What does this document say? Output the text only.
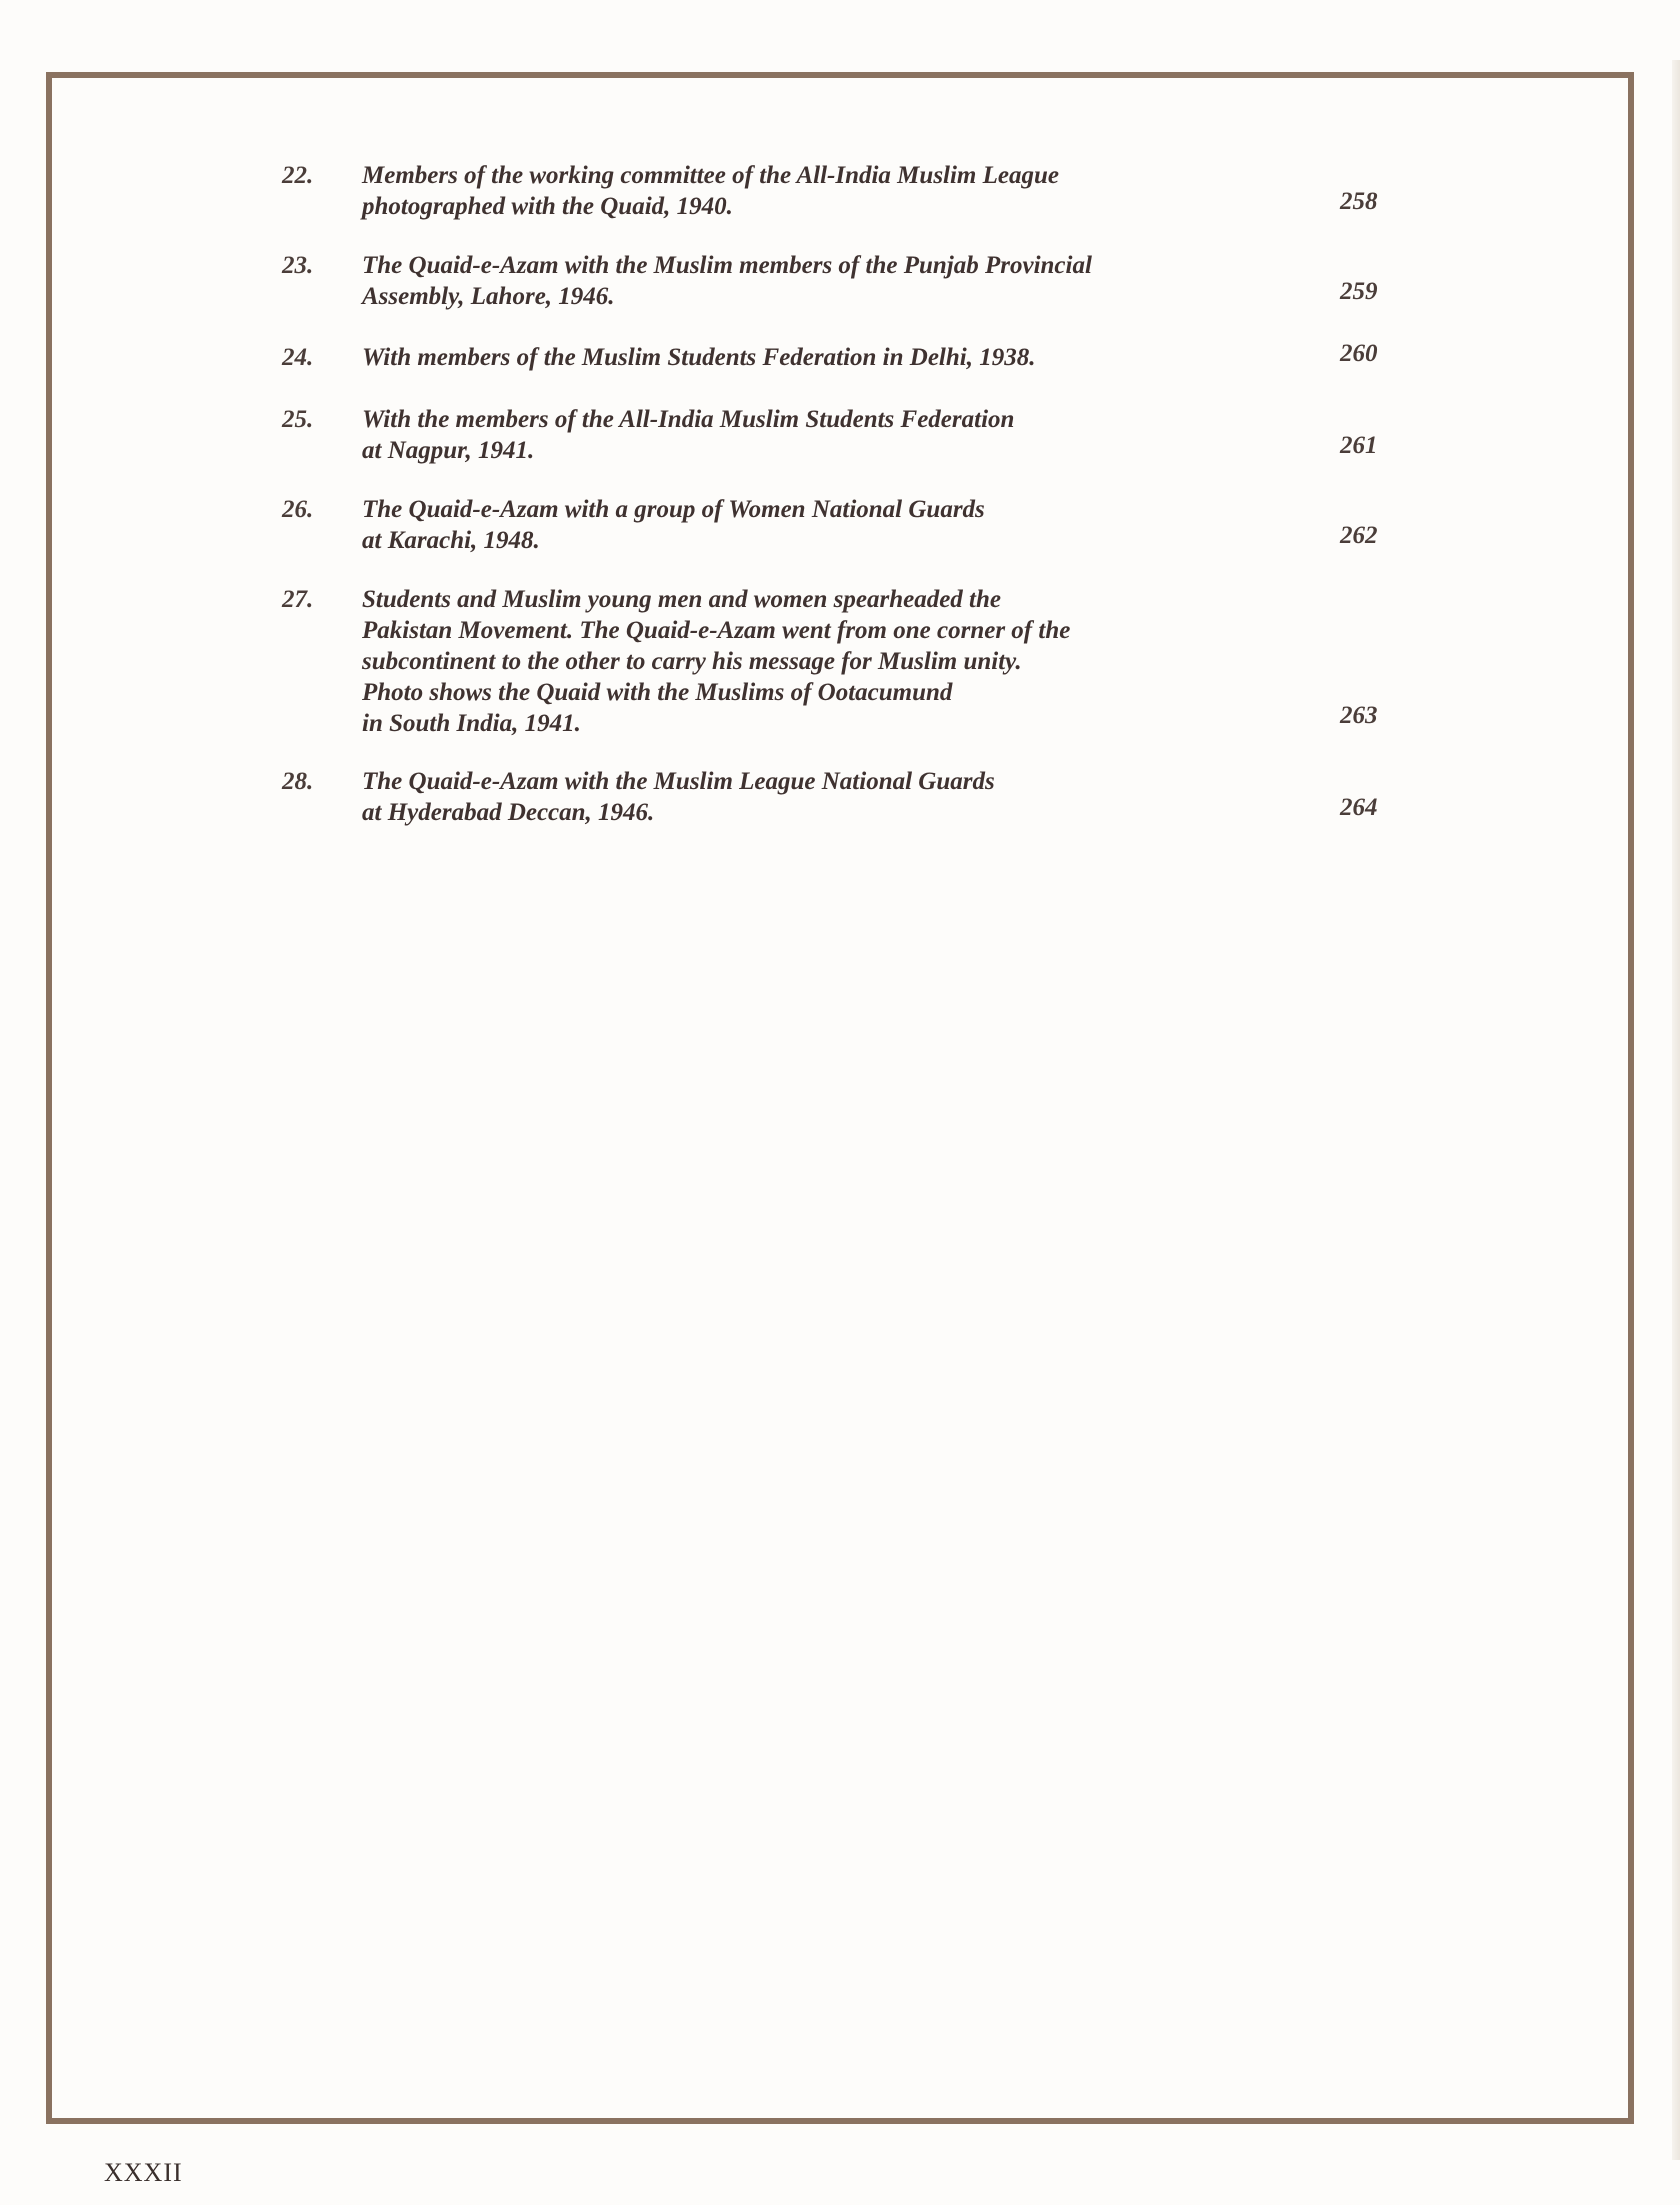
22. Members of the working committee of the All-India Muslim League
photographed with the Quaid, 1940.	258
23. The Quaid-e-Azam with the Muslim members of the Punjab Provincial
Assembly, Lahore, 1946.	259
24. With members of the Muslim Students Federation in Delhi, 1938.	260
25. With the members of the All-India Muslim Students Federation
at Nagpur, 1941.	261
26. The Quaid-e-Azam with a group of Women National Guards
at Karachi, 1948.	262
27. Students and Muslim young men and women spearheaded the
Pakistan Movement. The Quaid-e-Azam went from one corner of the
subcontinent to the other to carry his message for Muslim unity.
Photo shows the Quaid with the Muslims of Ootacumund
in South India, 1941.	263
28. The Quaid-e-Azam with the Muslim League National Guards
at Hyderabad Deccan, 1946.	264
XXXII
